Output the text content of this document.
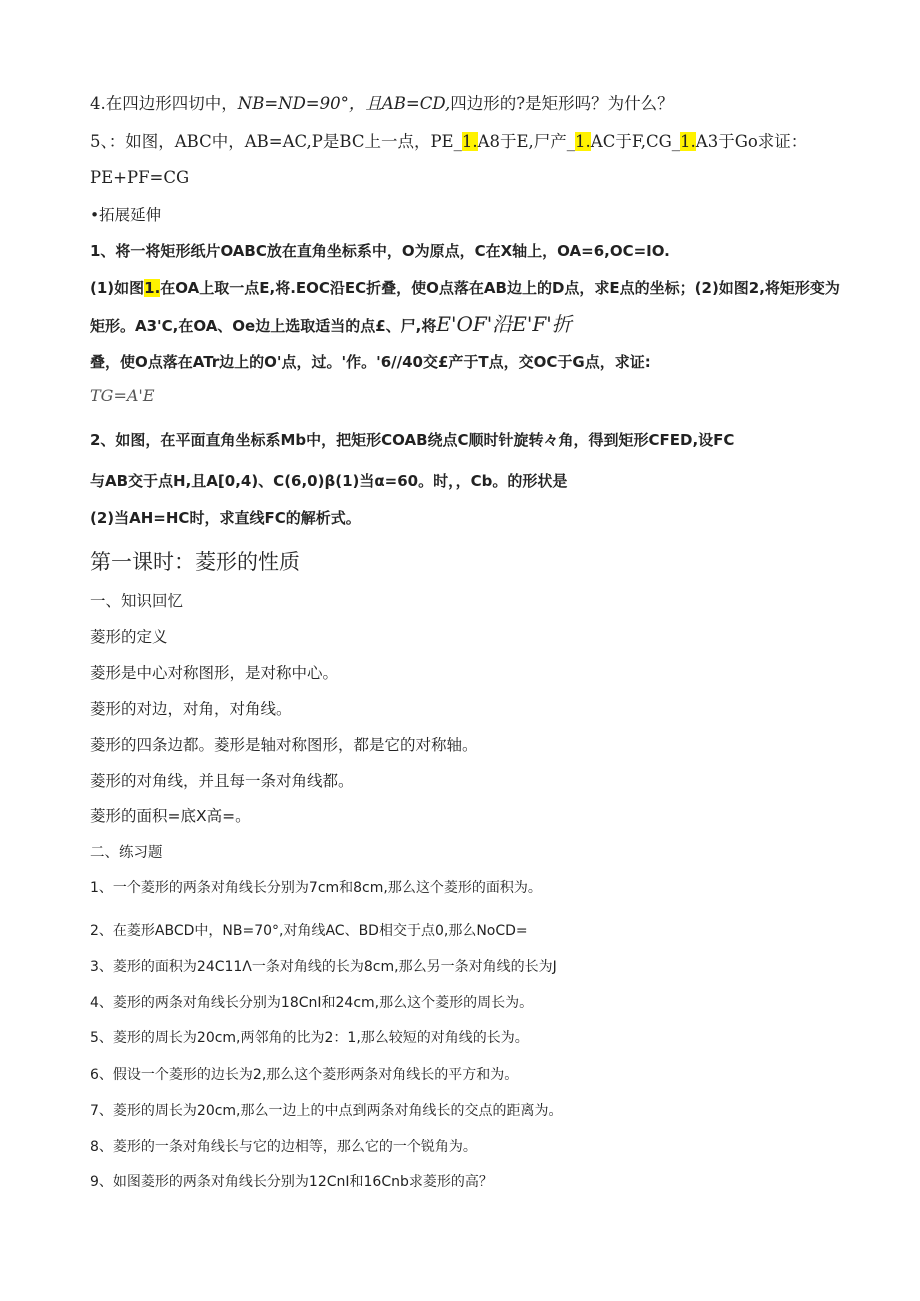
4.在四边形四切中，NB=ND=90°，且AB=CD,四边形的?是矩形吗？为什么？
5、：如图，ABC中，AB=AC,P是BC上一点，PE_1.A8于E,尸产_1.AC于F,CG_1.A3于Go求证：
PE+PF=CG
•拓展延伸
1、将一将矩形纸片OABC放在直角坐标系中，O为原点，C在X轴上，OA=6,OC=IO.
(1)如图1.在OA上取一点E,将.EOC沿EC折叠，使O点落在AB边上的D点，求E点的坐标；(2)如图2,将矩形变为
矩形。A3'C,在OA、Oe边上选取适当的点£、尸,将E'OF'沿E'F'折
叠，使O点落在ATr边上的O'点，过。'作。'6//40交£产于T点，交OC于G点，求证:
TG=A'E
2、如图，在平面直角坐标系Mb中，把矩形COAB绕点C顺时针旋转々角，得到矩形CFED,设FC
与AB交于点H,且A[0,4)、C(6,0)β(1)当α=60。时，，Cb。的形状是
(2)当AH=HC时，求直线FC的解析式。
第一课时：菱形的性质
一、知识回忆
菱形的定义
菱形是中心对称图形，是对称中心。
菱形的对边，对角，对角线。
菱形的四条边都。菱形是轴对称图形，都是它的对称轴。
菱形的对角线，并且每一条对角线都。
菱形的面积=底X高=。
二、练习题
1、一个菱形的两条对角线长分别为7cm和8cm,那么这个菱形的面积为。
2、在菱形ABCD中，NB=70°,对角线AC、BD相交于点0,那么NoCD=
3、菱形的面积为24C11Λ一条对角线的长为8cm,那么另一条对角线的长为J
4、菱形的两条对角线长分别为18CnI和24cm,那么这个菱形的周长为。
5、菱形的周长为20cm,两邻角的比为2：1,那么较短的对角线的长为。
6、假设一个菱形的边长为2,那么这个菱形两条对角线长的平方和为。
7、菱形的周长为20cm,那么一边上的中点到两条对角线长的交点的距离为。
8、菱形的一条对角线长与它的边相等，那么它的一个锐角为。
9、如图菱形的两条对角线长分别为12CnI和16Cnb求菱形的高？
